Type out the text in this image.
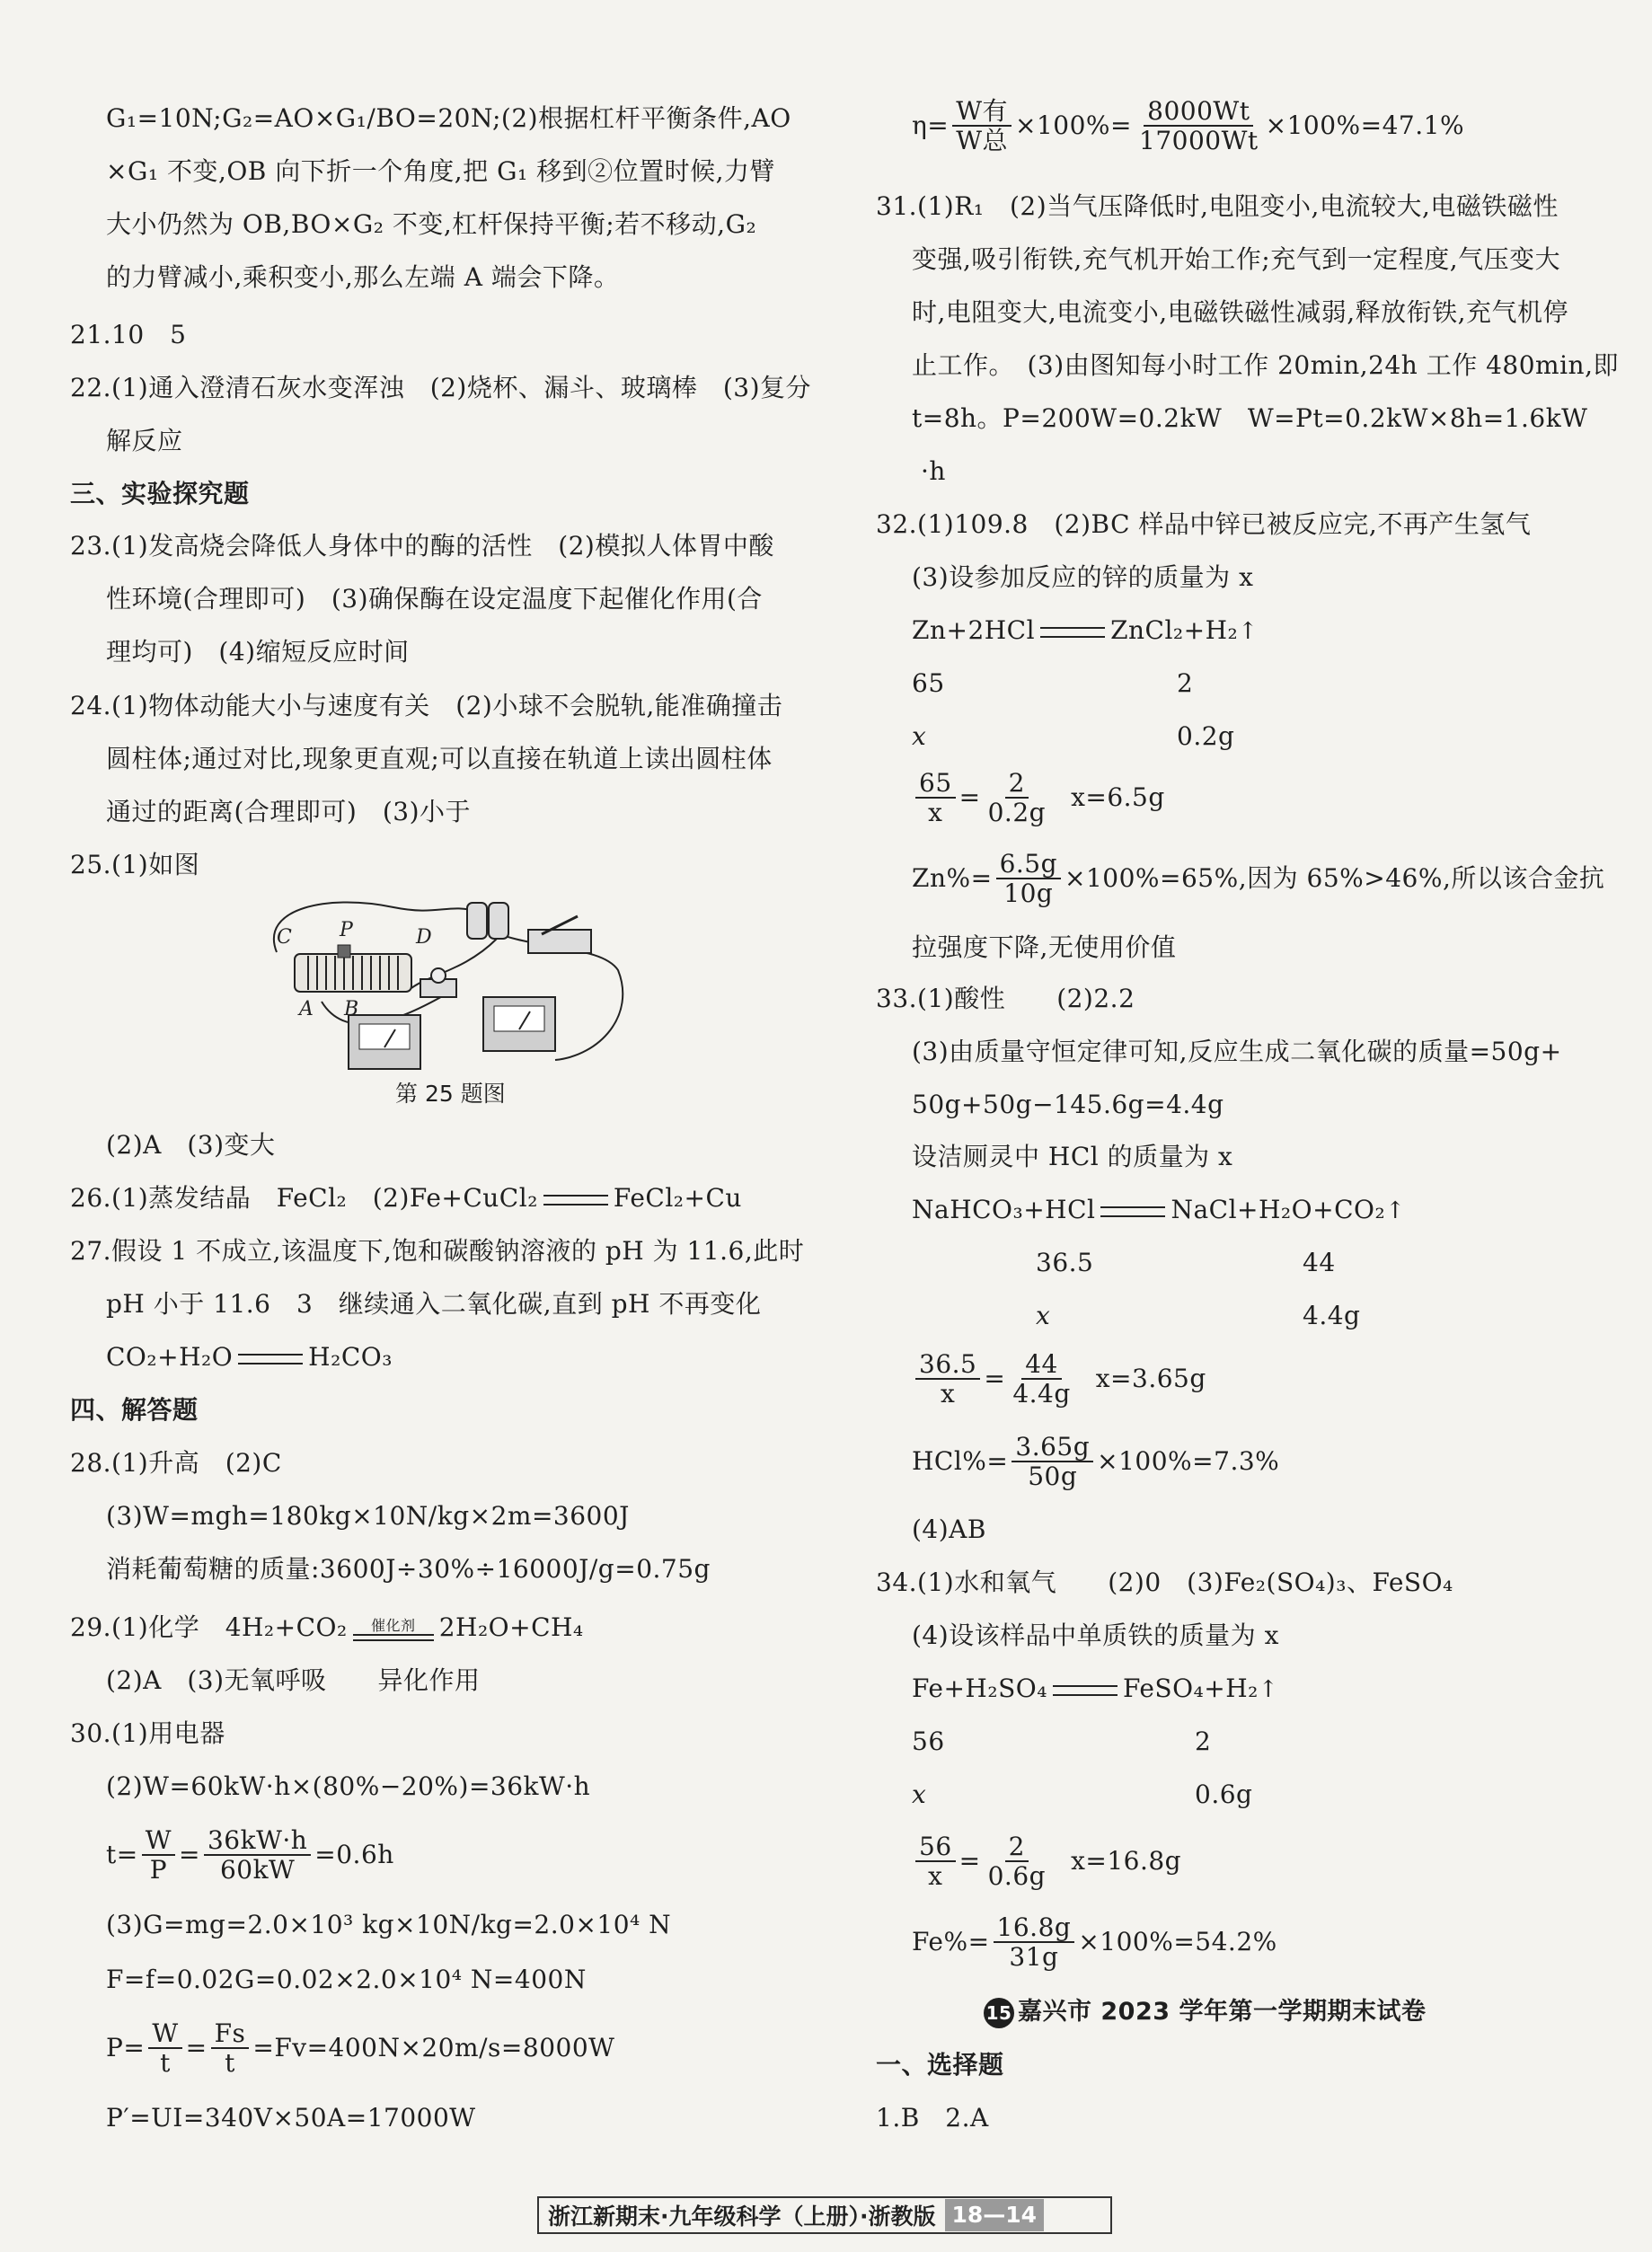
G₁=10N;G₂=AO×G₁/BO=20N;(2)根据杠杆平衡条件,AO
×G₁ 不变,OB 向下折一个角度,把 G₁ 移到②位置时候,力臂
大小仍然为 OB,BO×G₂ 不变,杠杆保持平衡;若不移动,G₂
的力臂减小,乘积变小,那么左端 A 端会下降。
21.10　5
22.(1)通入澄清石灰水变浑浊　(2)烧杯、漏斗、玻璃棒　(3)复分
解反应
三、实验探究题
23.(1)发高烧会降低人身体中的酶的活性　(2)模拟人体胃中酸
性环境(合理即可)　(3)确保酶在设定温度下起催化作用(合
理均可)　(4)缩短反应时间
24.(1)物体动能大小与速度有关　(2)小球不会脱轨,能准确撞击
圆柱体;通过对比,现象更直观;可以直接在轨道上读出圆柱体
通过的距离(合理即可)　(3)小于
25.(1)如图
C P	D
A B
第 25 题图
(2)A　(3)变大
26.(1)蒸发结晶　FeCl₂　(2)Fe+CuCl₂	FeCl₂+Cu
27.假设 1 不成立,该温度下,饱和碳酸钠溶液的 pH 为 11.6,此时
pH 小于 11.6　3　继续通入二氧化碳,直到 pH 不再变化
CO₂+H₂O	H₂CO₃
四、解答题
28.(1)升高　(2)C
(3)W=mgh=180kg×10N/kg×2m=3600J
消耗葡萄糖的质量:3600J÷30%÷16000J/g=0.75g
29.(1)化学　4H₂+CO₂	催化剂 2H₂O+CH₄
(2)A　(3)无氧呼吸　　异化作用
30.(1)用电器
(2)W=60kW·h×(80%−20%)=36kW·h
$t= \frac{W}{P} = \frac{36kW\cdot h}{60kW} =0.6h$
(3)G=mg=2.0×10³ kg×10N/kg=2.0×10⁴ N
F=f=0.02G=0.02×2.0×10⁴ N=400N
$P= \frac{W}{t} = \frac{Fs}{t} =Fv=400N\times 20m/s=8000W$
P′=UI=340V×50A=17000W
$\eta= \frac{\text{W有}}{\text{W总}} \times 100\%= \frac{8000Wt}{17000Wt} \times 100\%=47.1\%$
31.(1)R₁　(2)当气压降低时,电阻变小,电流较大,电磁铁磁性
变强,吸引衔铁,充气机开始工作;充气到一定程度,气压变大
时,电阻变大,电流变小,电磁铁磁性减弱,释放衔铁,充气机停
止工作。　(3)由图知每小时工作 20min,24h 工作 480min,即
t=8h。P=200W=0.2kW　W=Pt=0.2kW×8h=1.6kW
·h
32.(1)109.8　(2)BC 样品中锌已被反应完,不再产生氢气
(3)设参加反应的锌的质量为 x
Zn+2HCl	ZnCl₂+H₂↑
65	2
x	0.2g
$\frac{65}{x} = \frac{2}{0.2g} x=6.5g$
$Zn\%= \frac{6.5g}{10g} \times 100\%=65\%$,因为 65%>46%,所以该合金抗
拉强度下降,无使用价值
33.(1)酸性　　(2)2.2
(3)由质量守恒定律可知,反应生成二氧化碳的质量=50g+
50g+50g−145.6g=4.4g
设洁厕灵中 HCl 的质量为 x
NaHCO₃+HCl	NaCl+H₂O+CO₂↑
36.5	44
x	4.4g
$\frac{36.5}{x} = \frac{44}{4.4g} x=3.65g$
$HCl\%= \frac{3.65g}{50g} \times 100\%=7.3\%$
(4)AB
34.(1)水和氧气　　(2)0　(3)Fe₂(SO₄)₃、FeSO₄
(4)设该样品中单质铁的质量为 x
Fe+H₂SO₄	FeSO₄+H₂↑
56	2
x	0.6g
$\frac{56}{x} = \frac{2}{0.6g} x=16.8g$
$Fe\%= \frac{16.8g}{31g} \times 100\%=54.2\%$
15 嘉兴市 2023 学年第一学期期末试卷
一、选择题
1.B　2.A
浙江新期末·九年级科学（上册）·浙教版 18—14
